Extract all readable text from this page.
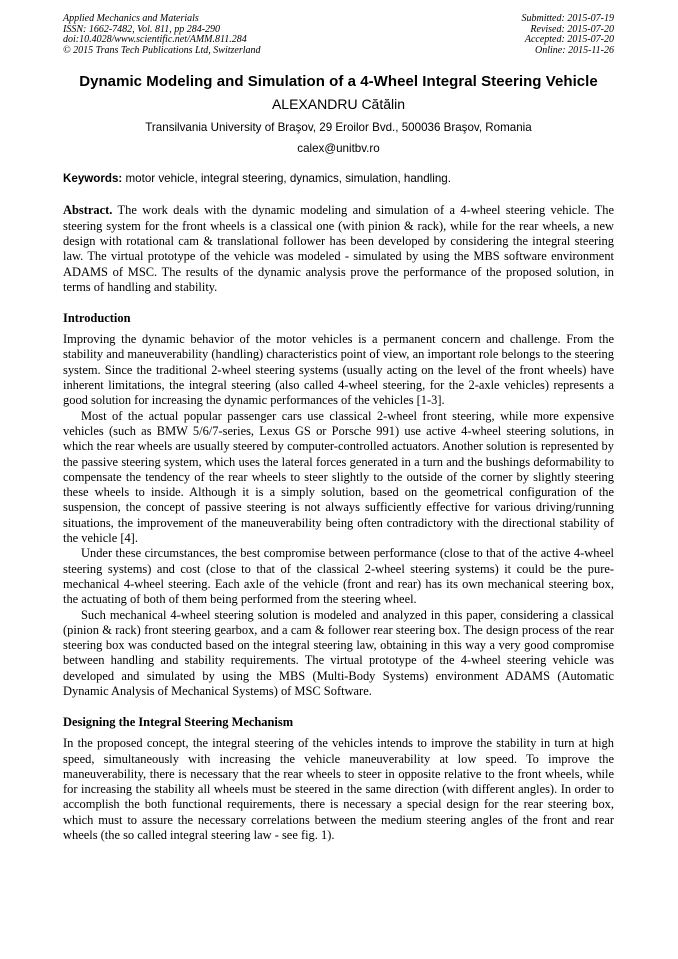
Applied Mechanics and Materials
ISSN: 1662-7482, Vol. 811, pp 284-290
doi:10.4028/www.scientific.net/AMM.811.284
© 2015 Trans Tech Publications Ltd, Switzerland
Submitted: 2015-07-19
Revised: 2015-07-20
Accepted: 2015-07-20
Online: 2015-11-26
Dynamic Modeling and Simulation of a 4-Wheel Integral Steering Vehicle
ALEXANDRU Cătălin
Transilvania University of Braşov, 29 Eroilor Bvd., 500036 Braşov, Romania
calex@unitbv.ro
Keywords: motor vehicle, integral steering, dynamics, simulation, handling.

Abstract. The work deals with the dynamic modeling and simulation of a 4-wheel steering vehicle. The steering system for the front wheels is a classical one (with pinion & rack), while for the rear wheels, a new design with rotational cam & translational follower has been developed by considering the integral steering law. The virtual prototype of the vehicle was modeled - simulated by using the MBS software environment ADAMS of MSC. The results of the dynamic analysis prove the performance of the proposed solution, in terms of handling and stability.

Introduction

Improving the dynamic behavior of the motor vehicles is a permanent concern and challenge. From the stability and maneuverability (handling) characteristics point of view, an important role belongs to the steering system. Since the traditional 2-wheel steering systems (usually acting on the level of the front wheels) have inherent limitations, the integral steering (also called 4-wheel steering, for the 2-axle vehicles) represents a good solution for increasing the dynamic performances of the vehicles [1-3].

Most of the actual popular passenger cars use classical 2-wheel front steering, while more expensive vehicles (such as BMW 5/6/7-series, Lexus GS or Porsche 991) use active 4-wheel steering solutions, in which the rear wheels are usually steered by computer-controlled actuators. Another solution is represented by the passive steering system, which uses the lateral forces generated in a turn and the bushings deformability to compensate the tendency of the rear wheels to steer slightly to the outside of the corner by slightly steering these wheels to inside. Although it is a simply solution, based on the geometrical configuration of the suspension, the concept of passive steering is not always sufficiently effective for various driving/running situations, the improvement of the maneuverability being often contradictory with the directional stability of the vehicle [4].

Under these circumstances, the best compromise between performance (close to that of the active 4-wheel steering systems) and cost (close to that of the classical 2-wheel steering systems) it could be the pure-mechanical 4-wheel steering. Each axle of the vehicle (front and rear) has its own mechanical steering box, the actuating of both of them being performed from the steering wheel.

Such mechanical 4-wheel steering solution is modeled and analyzed in this paper, considering a classical (pinion & rack) front steering gearbox, and a cam & follower rear steering box. The design process of the rear steering box was conducted based on the integral steering law, obtaining in this way a very good compromise between handling and stability requirements. The virtual prototype of the 4-wheel steering vehicle was developed and simulated by using the MBS (Multi-Body Systems) environment ADAMS (Automatic Dynamic Analysis of Mechanical Systems) of MSC Software.

Designing the Integral Steering Mechanism

In the proposed concept, the integral steering of the vehicles intends to improve the stability in turn at high speed, simultaneously with increasing the vehicle maneuverability at low speed. To improve the maneuverability, there is necessary that the rear wheels to steer in opposite relative to the front wheels, while for increasing the stability all wheels must be steered in the same direction (with different angles). In order to accomplish the both functional requirements, there is necessary a special design for the rear steering box, which must to assure the necessary correlations between the medium steering angles of the front and rear wheels (the so called integral steering law - see fig. 1).
